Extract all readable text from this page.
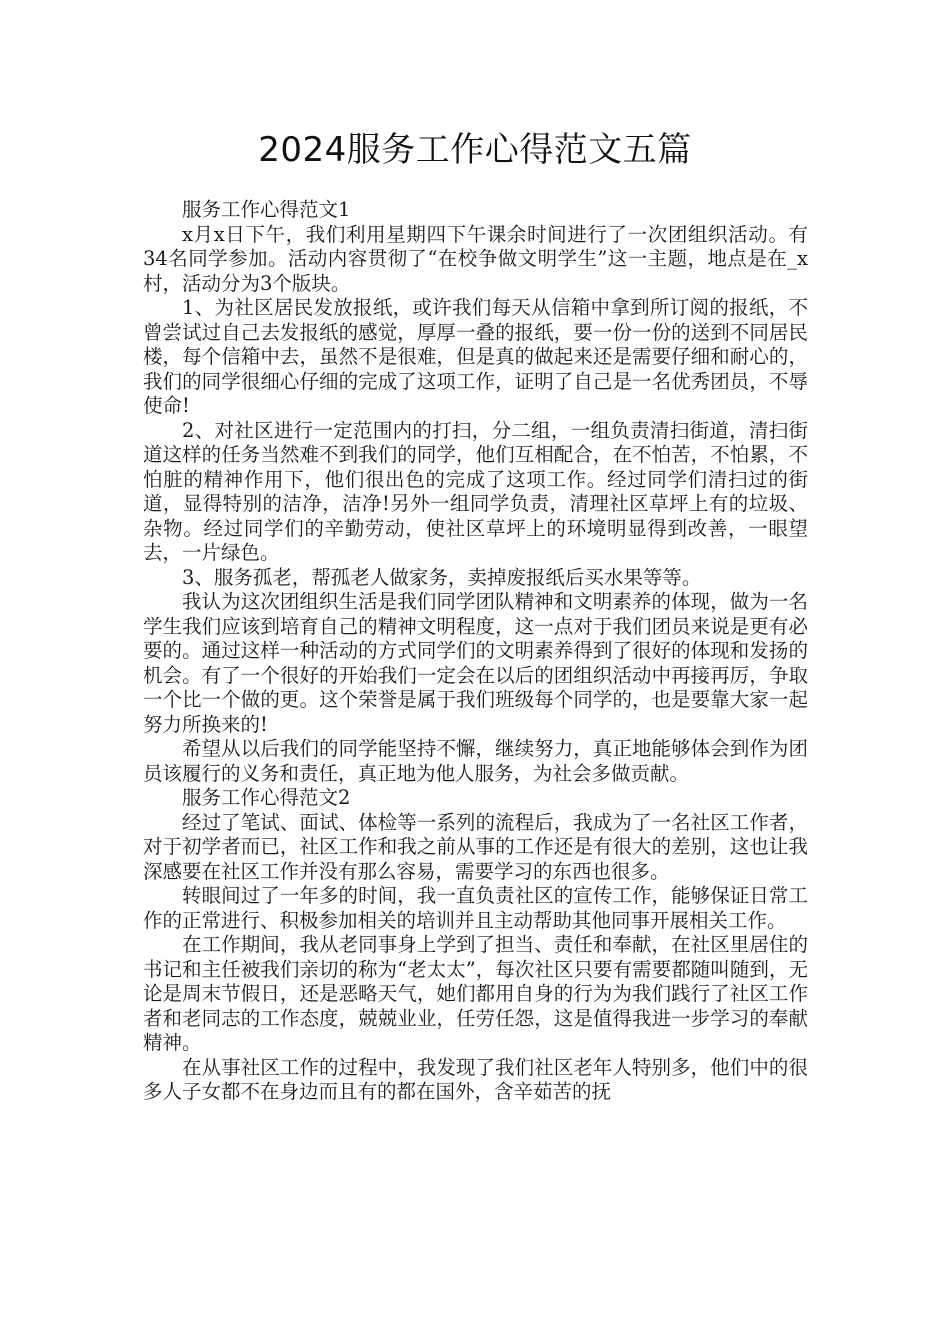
2024服务工作心得范文五篇

服务工作心得范文1

x月x日下午，我们利用星期四下午课余时间进行了一次团组织活动。有34名同学参加。活动内容贯彻了“在校争做文明学生”这一主题，地点是在_x村，活动分为3个版块。

1、为社区居民发放报纸，或许我们每天从信箱中拿到所订阅的报纸，不曾尝试过自己去发报纸的感觉，厚厚一叠的报纸，要一份一份的送到不同居民楼，每个信箱中去，虽然不是很难，但是真的做起来还是需要仔细和耐心的，我们的同学很细心仔细的完成了这项工作，证明了自己是一名优秀团员，不辱使命!

2、对社区进行一定范围内的打扫，分二组，一组负责清扫街道，清扫街道这样的任务当然难不到我们的同学，他们互相配合，在不怕苦，不怕累，不怕脏的精神作用下，他们很出色的完成了这项工作。经过同学们清扫过的街道，显得特别的洁净，洁净!另外一组同学负责，清理社区草坪上有的垃圾、杂物。经过同学们的辛勤劳动，使社区草坪上的环境明显得到改善，一眼望去，一片绿色。

3、服务孤老，帮孤老人做家务，卖掉废报纸后买水果等等。

我认为这次团组织生活是我们同学团队精神和文明素养的体现，做为一名学生我们应该到培育自己的精神文明程度，这一点对于我们团员来说是更有必要的。通过这样一种活动的方式同学们的文明素养得到了很好的体现和发扬的机会。有了一个很好的开始我们一定会在以后的团组织活动中再接再厉，争取一个比一个做的更。这个荣誉是属于我们班级每个同学的，也是要靠大家一起努力所换来的!

希望从以后我们的同学能坚持不懈，继续努力，真正地能够体会到作为团员该履行的义务和责任，真正地为他人服务，为社会多做贡献。

服务工作心得范文2

经过了笔试、面试、体检等一系列的流程后，我成为了一名社区工作者，对于初学者而已，社区工作和我之前从事的工作还是有很大的差别，这也让我深感要在社区工作并没有那么容易，需要学习的东西也很多。

转眼间过了一年多的时间，我一直负责社区的宣传工作，能够保证日常工作的正常进行、积极参加相关的培训并且主动帮助其他同事开展相关工作。

在工作期间，我从老同事身上学到了担当、责任和奉献，在社区里居住的书记和主任被我们亲切的称为“老太太”，每次社区只要有需要都随叫随到，无论是周末节假日，还是恶略天气，她们都用自身的行为为我们践行了社区工作者和老同志的工作态度，兢兢业业，任劳任怨，这是值得我进一步学习的奉献精神。

在从事社区工作的过程中，我发现了我们社区老年人特别多，他们中的很多人子女都不在身边而且有的都在国外，含辛茹苦的抚
